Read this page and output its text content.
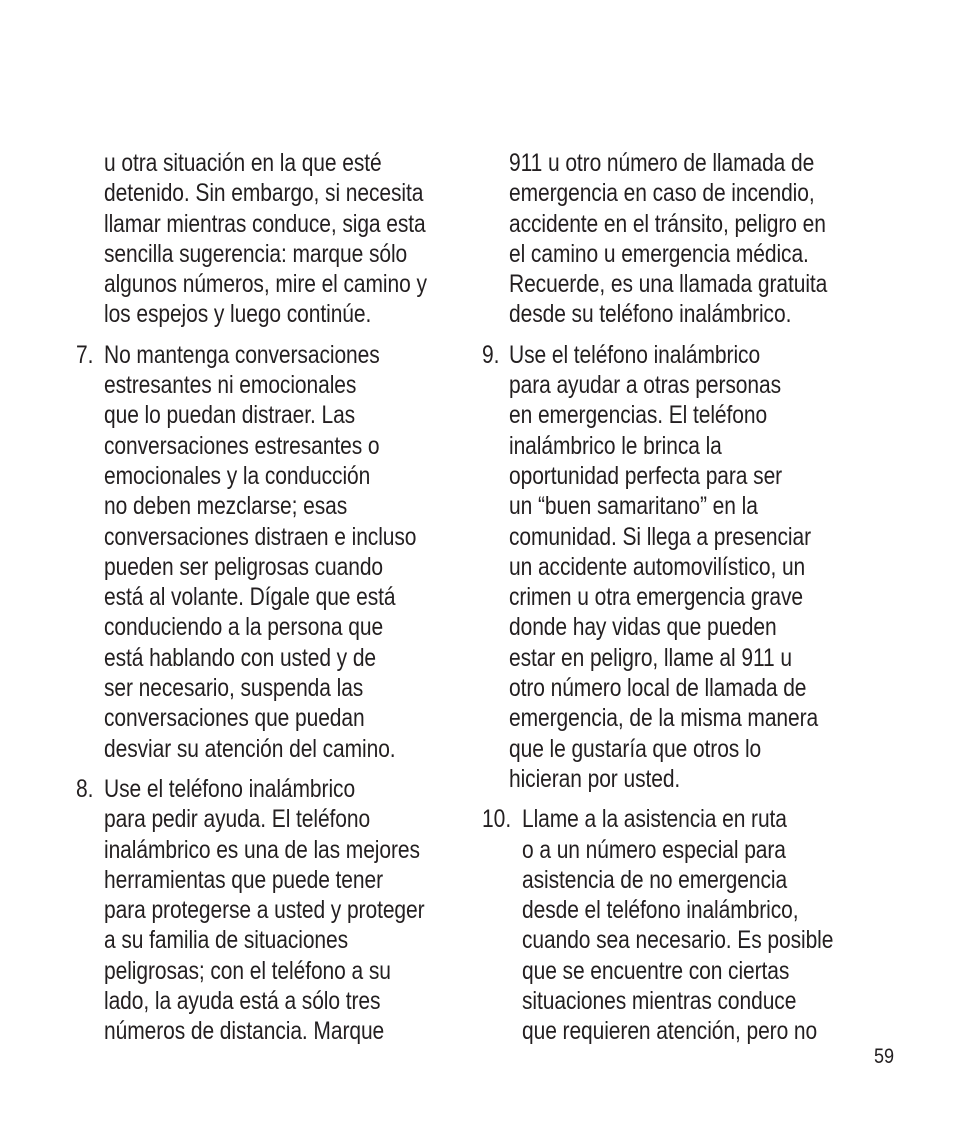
u otra situación en la que esté
detenido. Sin embargo, si necesita
llamar mientras conduce, siga esta
sencilla sugerencia: marque sólo
algunos números, mire el camino y
los espejos y luego continúe.
7. No mantenga conversaciones
estresantes ni emocionales
que lo puedan distraer. Las
conversaciones estresantes o
emocionales y la conducción
no deben mezclarse; esas
conversaciones distraen e incluso
pueden ser peligrosas cuando
está al volante. Dígale que está
conduciendo a la persona que
está hablando con usted y de
ser necesario, suspenda las
conversaciones que puedan
desviar su atención del camino.
8. Use el teléfono inalámbrico
para pedir ayuda. El teléfono
inalámbrico es una de las mejores
herramientas que puede tener
para protegerse a usted y proteger
a su familia de situaciones
peligrosas; con el teléfono a su
lado, la ayuda está a sólo tres
números de distancia. Marque
911 u otro número de llamada de
emergencia en caso de incendio,
accidente en el tránsito, peligro en
el camino u emergencia médica.
Recuerde, es una llamada gratuita
desde su teléfono inalámbrico.
9. Use el teléfono inalámbrico
para ayudar a otras personas
en emergencias. El teléfono
inalámbrico le brinca la
oportunidad perfecta para ser
un “buen samaritano” en la
comunidad. Si llega a presenciar
un accidente automovilístico, un
crimen u otra emergencia grave
donde hay vidas que pueden
estar en peligro, llame al 911 u
otro número local de llamada de
emergencia, de la misma manera
que le gustaría que otros lo
hicieran por usted.
10. Llame a la asistencia en ruta
o a un número especial para
asistencia de no emergencia
desde el teléfono inalámbrico,
cuando sea necesario. Es posible
que se encuentre con ciertas
situaciones mientras conduce
que requieren atención, pero no
59
